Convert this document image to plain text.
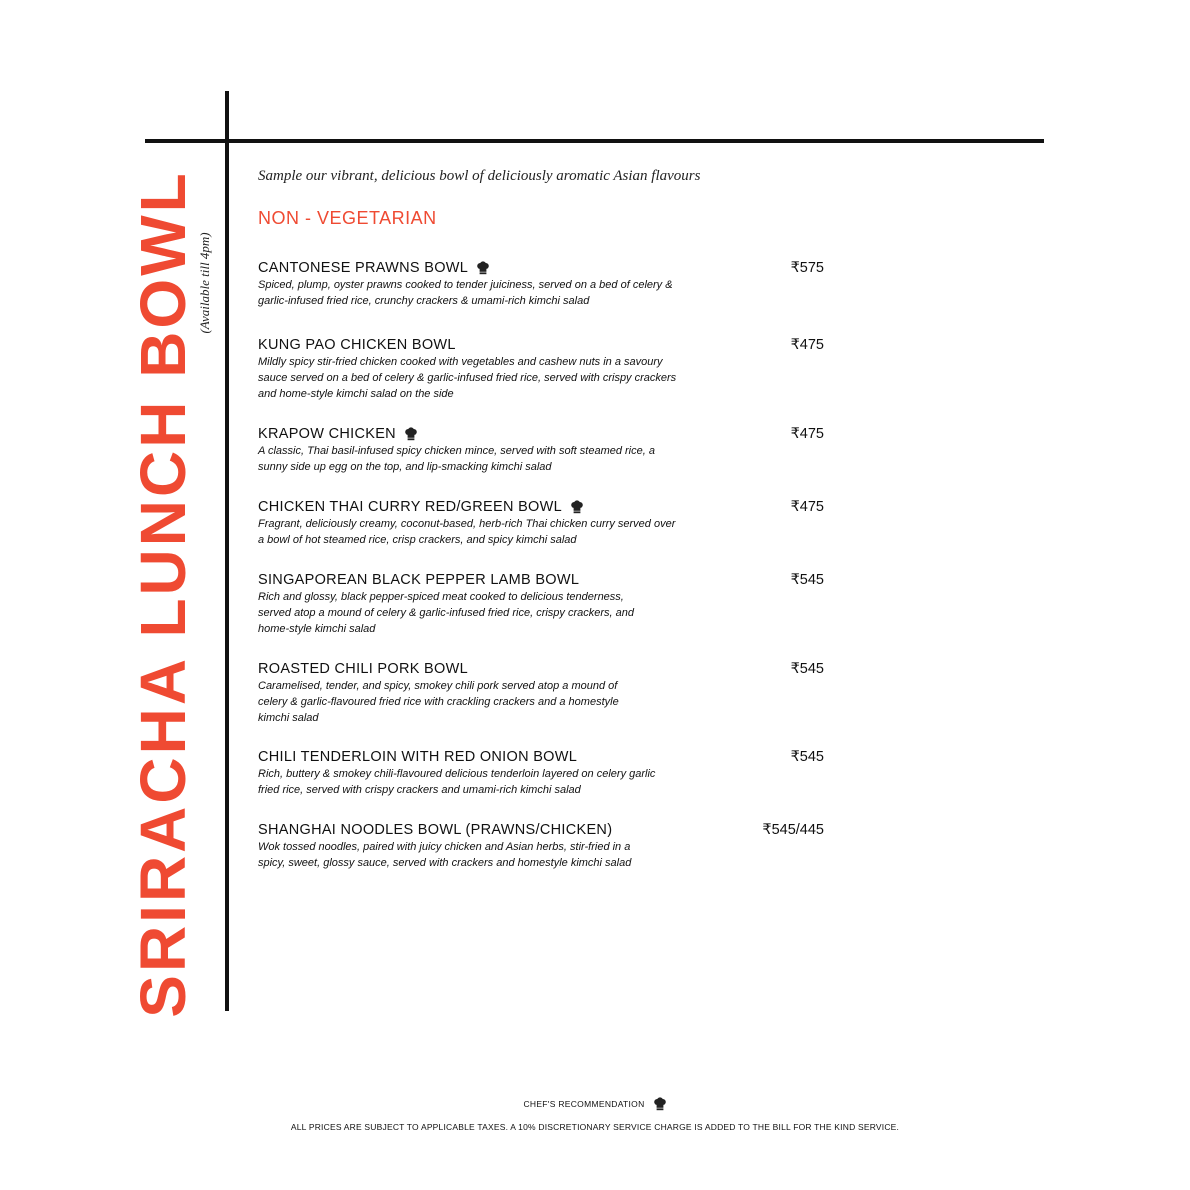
SRIRACHA LUNCH BOWL
(Available till 4pm)
Sample our vibrant, delicious bowl of deliciously aromatic Asian flavours
NON - VEGETARIAN
CANTONESE PRAWNS BOWL	₹575
Spiced, plump, oyster prawns cooked to tender juiciness, served on a bed of celery & garlic-infused fried rice, crunchy crackers & umami-rich kimchi salad
KUNG PAO CHICKEN BOWL	₹475
Mildly spicy stir-fried chicken cooked with vegetables and cashew nuts in a savoury sauce served on a bed of celery & garlic-infused fried rice, served with crispy crackers and home-style kimchi salad on the side
KRAPOW CHICKEN	₹475
A classic, Thai basil-infused spicy chicken mince, served with soft steamed rice, a sunny side up egg on the top, and lip-smacking kimchi salad
CHICKEN THAI CURRY RED/GREEN BOWL	₹475
Fragrant, deliciously creamy, coconut-based, herb-rich Thai chicken curry served over a bowl of hot steamed rice, crisp crackers, and spicy kimchi salad
SINGAPOREAN BLACK PEPPER LAMB BOWL	₹545
Rich and glossy, black pepper-spiced meat cooked to delicious tenderness, served atop a mound of celery & garlic-infused fried rice, crispy crackers, and home-style kimchi salad
ROASTED CHILI PORK BOWL	₹545
Caramelised, tender, and spicy, smokey chili pork served atop a mound of celery & garlic-flavoured fried rice with crackling crackers and a homestyle kimchi salad
CHILI TENDERLOIN WITH RED ONION BOWL	₹545
Rich, buttery & smokey chili-flavoured delicious tenderloin layered on celery garlic fried rice, served with crispy crackers and umami-rich kimchi salad
SHANGHAI NOODLES BOWL (PRAWNS/CHICKEN)	₹545/445
Wok tossed noodles, paired with juicy chicken and Asian herbs, stir-fried in a spicy, sweet, glossy sauce, served with crackers and homestyle kimchi salad
CHEF'S RECOMMENDATION
ALL PRICES ARE SUBJECT TO APPLICABLE TAXES. A 10% DISCRETIONARY SERVICE CHARGE IS ADDED TO THE BILL FOR THE KIND SERVICE.
